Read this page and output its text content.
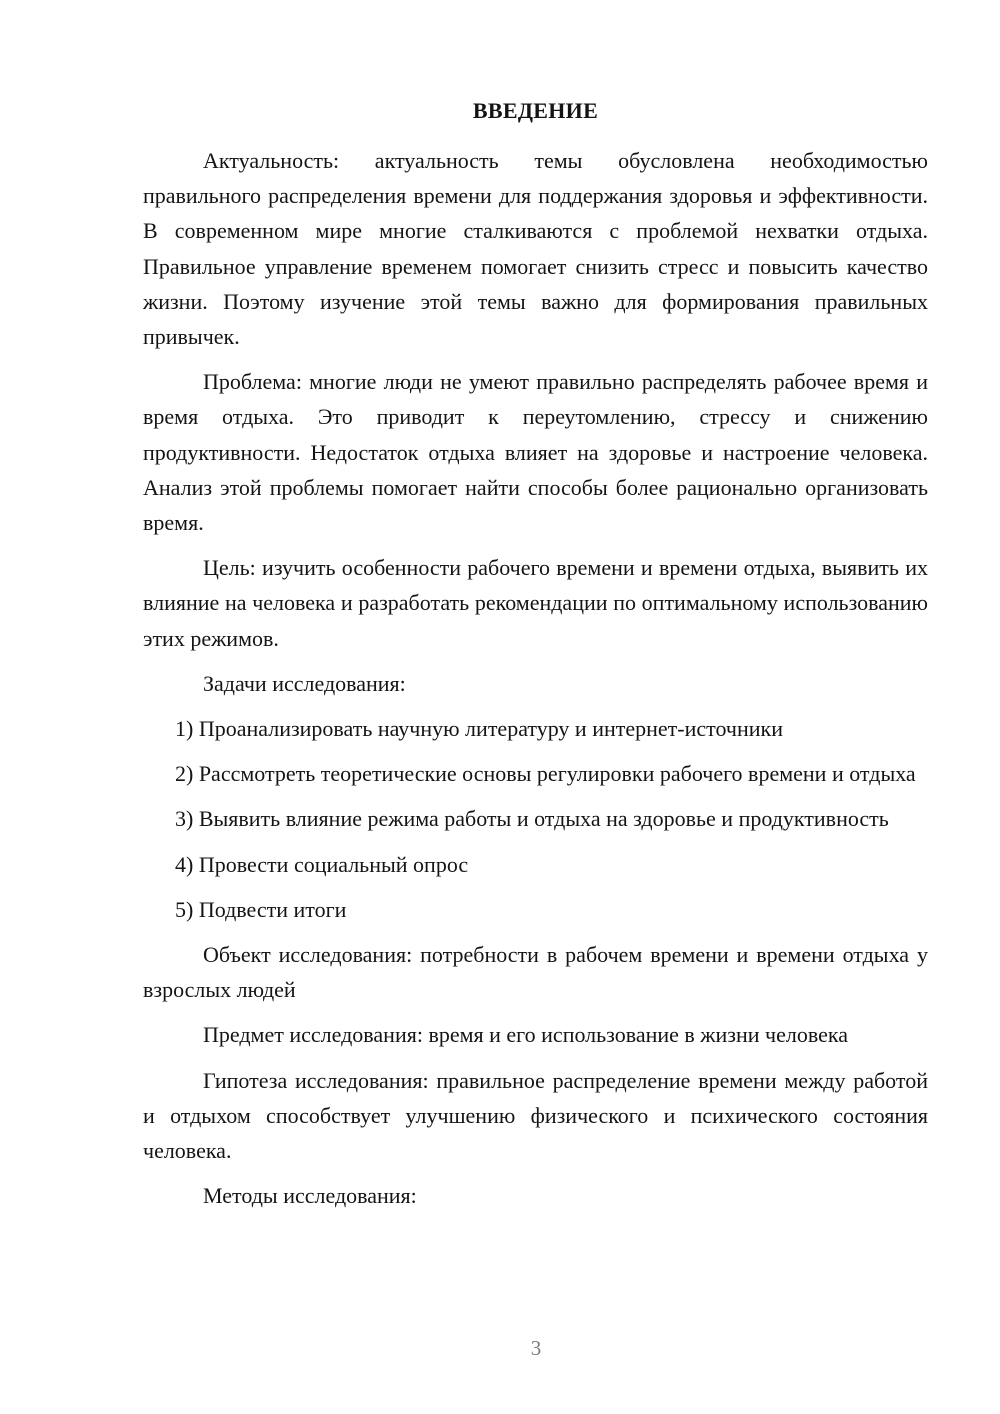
ВВЕДЕНИЕ

Актуальность: актуальность темы обусловлена необходимостью правильного распределения времени для поддержания здоровья и эффективности. В современном мире многие сталкиваются с проблемой нехватки отдыха. Правильное управление временем помогает снизить стресс и повысить качество жизни. Поэтому изучение этой темы важно для формирования правильных привычек.

Проблема: многие люди не умеют правильно распределять рабочее время и время отдыха. Это приводит к переутомлению, стрессу и снижению продуктивности. Недостаток отдыха влияет на здоровье и настроение человека. Анализ этой проблемы помогает найти способы более рационально организовать время.

Цель: изучить особенности рабочего времени и времени отдыха, выявить их влияние на человека и разработать рекомендации по оптимальному использованию этих режимов.

Задачи исследования:

1) Проанализировать научную литературу и интернет-источники

2) Рассмотреть теоретические основы регулировки рабочего времени и отдыха

3) Выявить влияние режима работы и отдыха на здоровье и продуктивность

4) Провести социальный опрос

5) Подвести итоги

Объект исследования: потребности в рабочем времени и времени отдыха у взрослых людей

Предмет исследования: время и его использование в жизни человека

Гипотеза исследования: правильное распределение времени между работой и отдыхом способствует улучшению физического и психического состояния человека.

Методы исследования:

3
